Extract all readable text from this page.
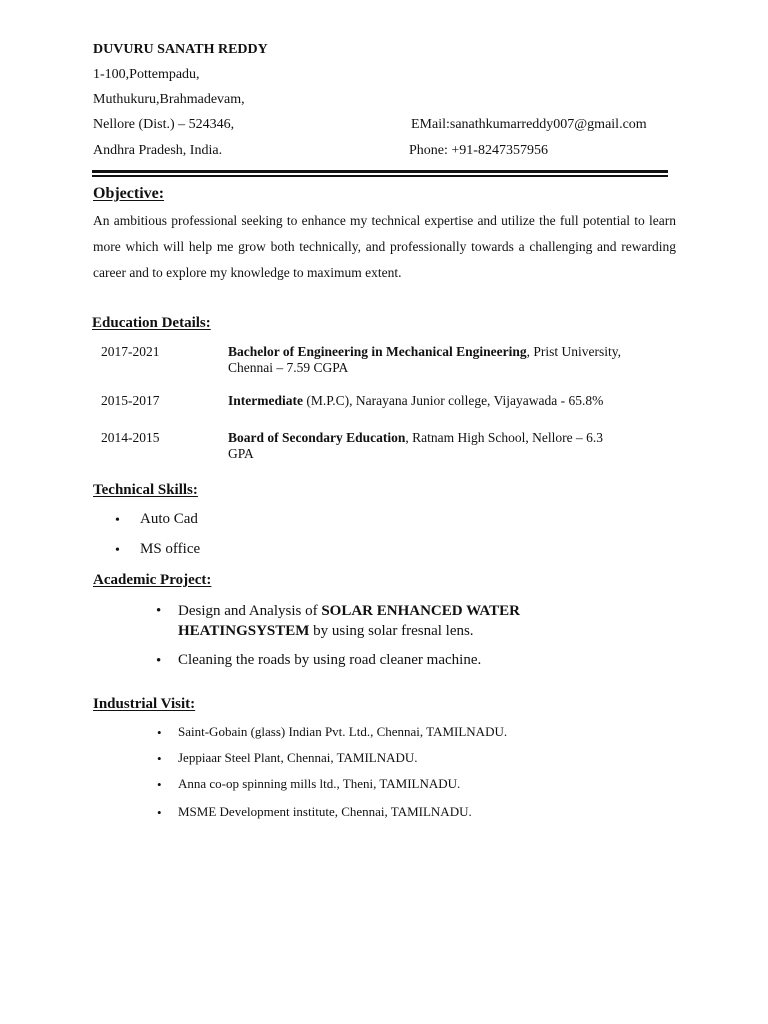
DUVURU SANATH REDDY
1-100,Pottempadu,
Muthukuru,Brahmadevam,
Nellore (Dist.) – 524346,
Andhra Pradesh, India.
EMail:sanathkumarreddy007@gmail.com
Phone: +91-8247357956
Objective:
An ambitious professional seeking to enhance my technical expertise and utilize the full potential to learn more which will help me grow both technically, and professionally towards a challenging and rewarding career and to explore my knowledge to maximum extent.
Education Details:
2017-2021	Bachelor of Engineering in Mechanical Engineering, Prist University, Chennai – 7.59 CGPA
2015-2017	Intermediate (M.P.C), Narayana Junior college, Vijayawada - 65.8%
2014-2015	Board of Secondary Education, Ratnam High School, Nellore – 6.3 GPA
Technical Skills:
• Auto Cad
• MS office
Academic Project:
• Design and Analysis of SOLAR ENHANCED WATER HEATINGSYSTEM by using solar fresnal lens.
• Cleaning the roads by using road cleaner machine.
Industrial Visit:
• Saint-Gobain (glass) Indian Pvt. Ltd., Chennai, TAMILNADU.
• Jeppiaar Steel Plant, Chennai, TAMILNADU.
• Anna co-op spinning mills ltd., Theni, TAMILNADU.
• MSME Development institute, Chennai, TAMILNADU.
